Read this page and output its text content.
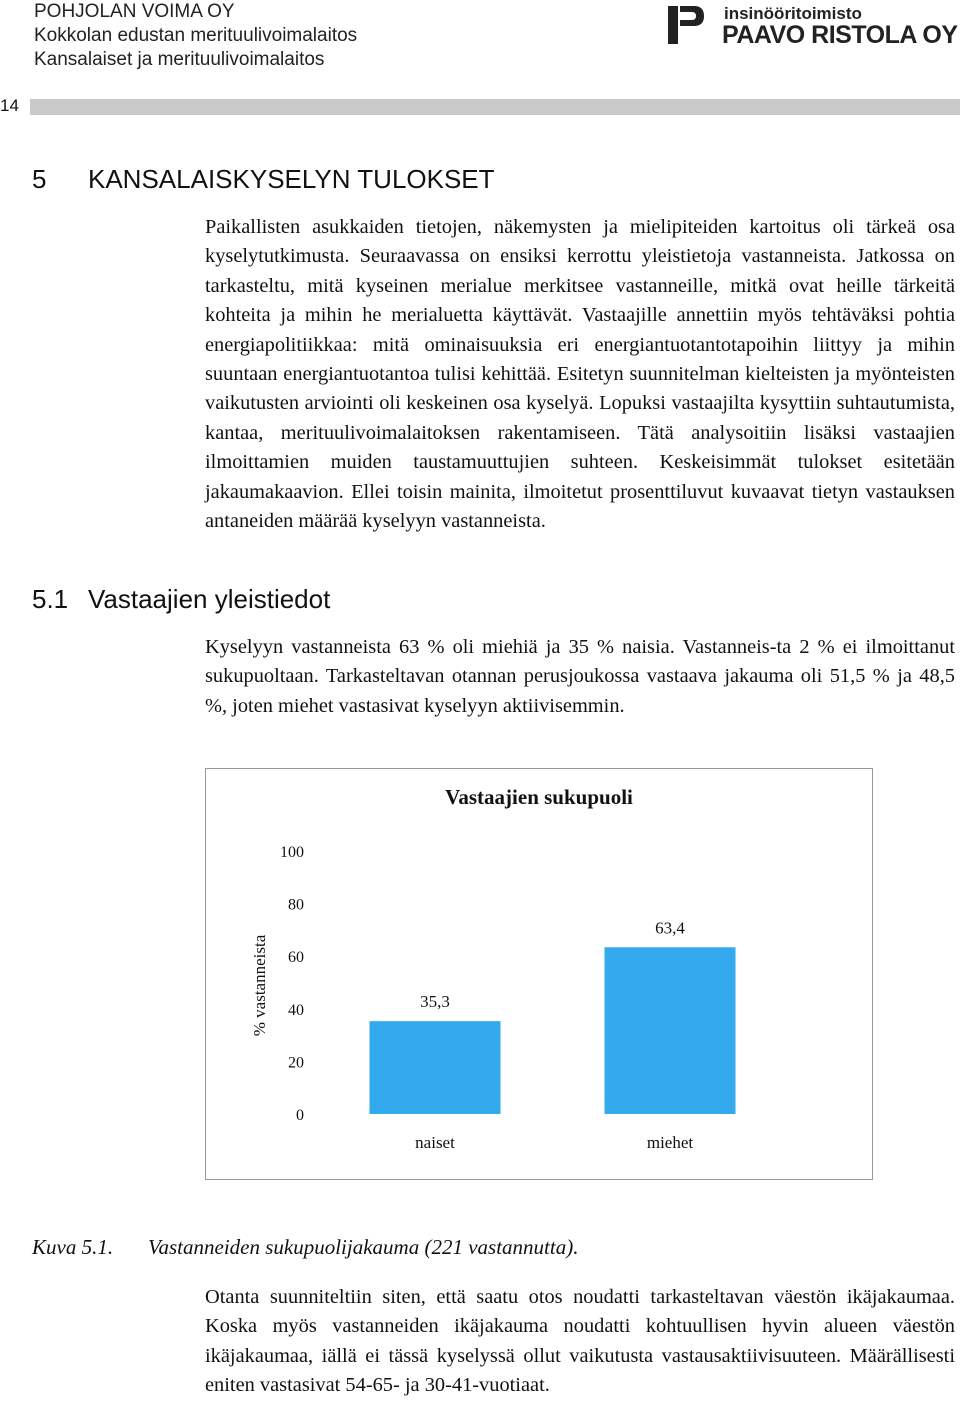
POHJOLAN VOIMA OY
Kokkolan edustan merituulivoimalaitos
Kansalaiset ja merituulivoimalaitos
insinööritoimisto
PAAVO RISTOLA OY
14
5 KANSALAISKYSELYN TULOKSET

Paikallisten asukkaiden tietojen, näkemysten ja mielipiteiden kartoitus oli tärkeä osa kyselytutkimusta. Seuraavassa on ensiksi kerrottu yleistietoja vastanneista. Jatkossa on tarkasteltu, mitä kyseinen merialue merkitsee vastanneille, mitkä ovat heille tärkeitä kohteita ja mihin he merialuetta käyttävät. Vastaajille annettiin myös tehtäväksi pohtia energiapolitiikkaa: mitä ominaisuuksia eri energiantuotantotapoihin liittyy ja mihin suuntaan energiantuotantoa tulisi kehittää. Esitetyn suunnitelman kielteisten ja myönteisten vaikutusten arviointi oli keskeinen osa kyselyä. Lopuksi vastaajilta kysyttiin suhtautumista, kantaa, merituulivoimalaitoksen rakentamiseen. Tätä analysoitiin lisäksi vastaajien ilmoittamien muiden taustamuuttujien suhteen. Keskeisimmät tulokset esitetään jakaumakaavion. Ellei toisin mainita, ilmoitetut prosenttiluvut kuvaavat tietyn vastauksen antaneiden määrää kyselyyn vastanneista.

5.1 Vastaajien yleistiedot

Kyselyyn vastanneista 63 % oli miehiä ja 35 % naisia. Vastanneis-ta 2 % ei ilmoittanut sukupuoltaan. Tarkasteltavan otannan perusjoukossa vastaava jakauma oli 51,5 % ja 48,5 %, joten miehet vastasivat kyselyyn aktiivisemmin.

Vastaajien sukupuoli
0
20
40
60
80
100
% vastanneista	35,3
naiset
63,4
miehet
Kuva 5.1. Vastanneiden sukupuolijakauma (221 vastannutta).

Otanta suunniteltiin siten, että saatu otos noudatti tarkasteltavan väestön ikäjakaumaa. Koska myös vastanneiden ikäjakauma noudatti kohtuullisen hyvin alueen väestön ikäjakaumaa, iällä ei tässä kyselyssä ollut vaikutusta vastausaktiivisuuteen. Määrällisesti eniten vastasivat 54-65- ja 30-41-vuotiaat.
